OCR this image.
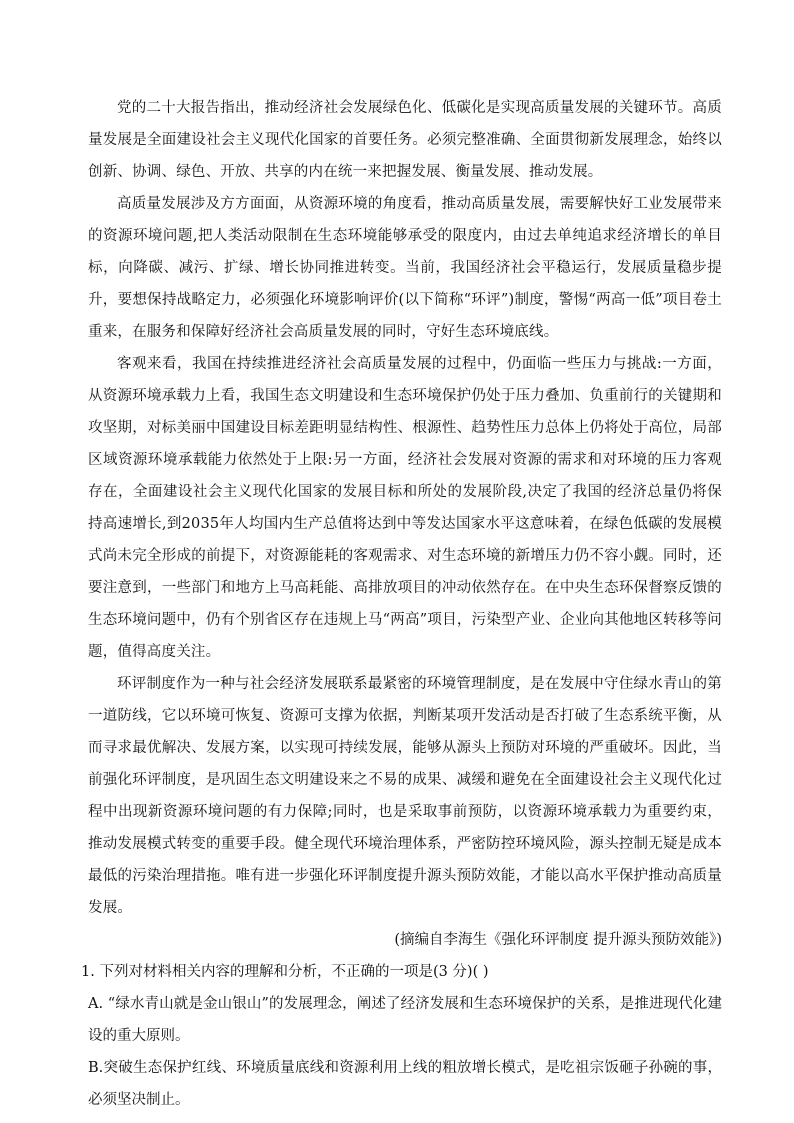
党的二十大报告指出，推动经济社会发展绿色化、低碳化是实现高质量发展的关键环节。高质量发展是全面建设社会主义现代化国家的首要任务。必须完整准确、全面贯彻新发展理念，始终以创新、协调、绿色、开放、共享的内在统一来把握发展、衡量发展、推动发展。

高质量发展涉及方方面面，从资源环境的角度看，推动高质量发展，需要解快好工业发展带来的资源环境问题,把人类活动限制在生态环境能够承受的限度内，由过去单纯追求经济增长的单目标，向降碳、减污、扩绿、增长协同推进转变。当前，我国经济社会平稳运行，发展质量稳步提升，要想保持战略定力，必须强化环境影响评价(以下简称“环评”)制度，警惕“两高一低”项目卷土重来，在服务和保障好经济社会高质量发展的同时，守好生态环境底线。

客观来看，我国在持续推进经济社会高质量发展的过程中，仍面临一些压力与挑战:一方面，从资源环境承载力上看，我国生态文明建设和生态环境保护仍处于压力叠加、负重前行的关键期和攻坚期，对标美丽中国建设目标差距明显结构性、根源性、趋势性压力总体上仍将处于高位，局部区域资源环境承载能力依然处于上限:另一方面，经济社会发展对资源的需求和对环境的压力客观存在，全面建设社会主义现代化国家的发展目标和所处的发展阶段,决定了我国的经济总量仍将保持高速增长,到2035年人均国内生产总值将达到中等发达国家水平这意味着，在绿色低碳的发展模式尚未完全形成的前提下，对资源能耗的客观需求、对生态环境的新增压力仍不容小觑。同时，还要注意到，一些部门和地方上马高耗能、高排放项目的冲动依然存在。在中央生态环保督察反馈的生态环境问题中，仍有个别省区存在违规上马“两高”项目，污染型产业、企业向其他地区转移等问题，值得高度关注。

环评制度作为一种与社会经济发展联系最紧密的环境管理制度，是在发展中守住绿水青山的第一道防线，它以环境可恢复、资源可支撑为依据，判断某项开发活动是否打破了生态系统平衡，从而寻求最优解决、发展方案，以实现可持续发展，能够从源头上预防对环境的严重破坏。因此，当前强化环评制度，是巩固生态文明建设来之不易的成果、减缓和避免在全面建设社会主义现代化过程中出现新资源环境问题的有力保障;同时，也是采取事前预防，以资源环境承载力为重要约束，推动发展模式转变的重要手段。健全现代环境治理体系，严密防控环境风险，源头控制无疑是成本最低的污染治理措拖。唯有进一步强化环评制度提升源头预防效能，才能以高水平保护推动高质量发展。

(摘编自李海生《强化环评制度 提升源头预防效能》)

1. 下列对材料相关内容的理解和分析，不正确的一项是(3 分)( )

A. “绿水青山就是金山银山”的发展理念，阐述了经济发展和生态环境保护的关系，是推进现代化建设的重大原则。

B.突破生态保护红线、环境质量底线和资源利用上线的粗放增长模式，是吃祖宗饭砸子孙碗的事，必须坚决制止。
